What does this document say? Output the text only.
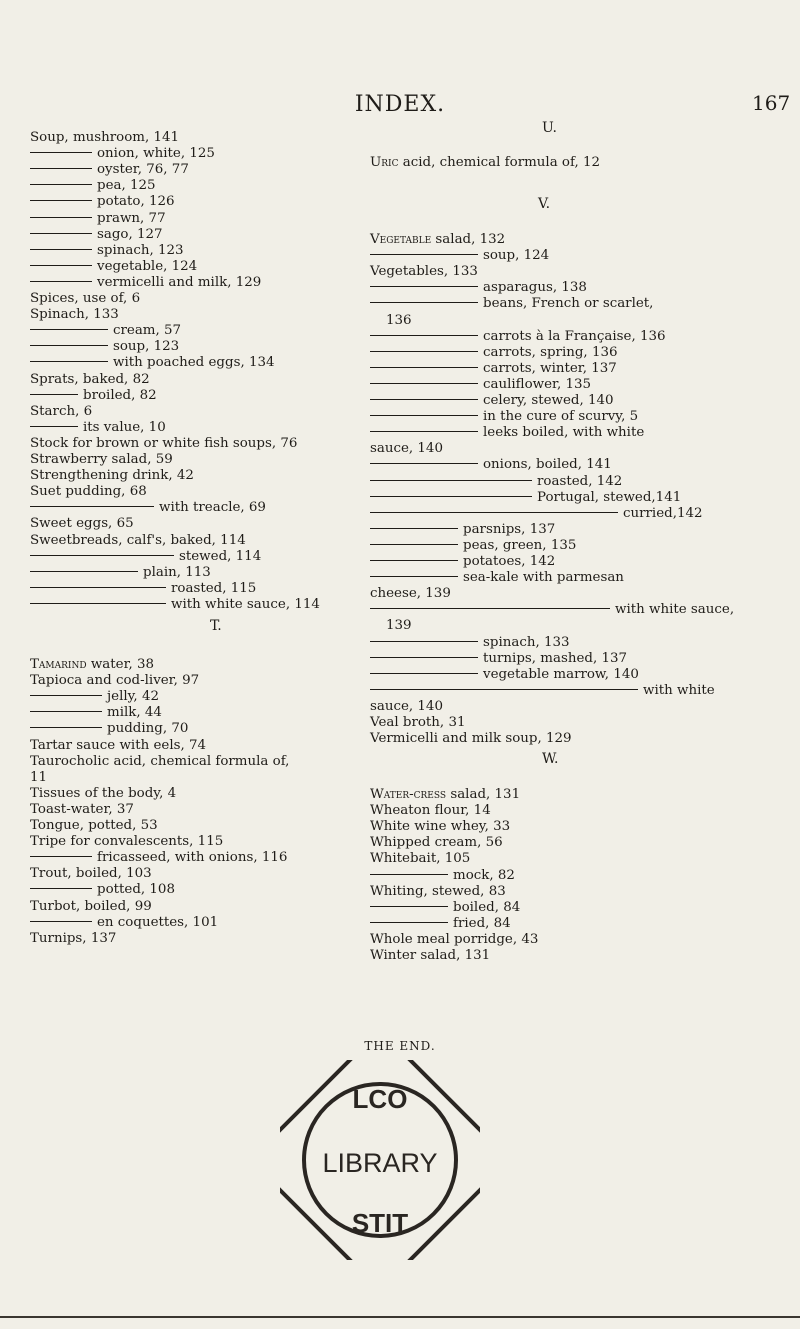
INDEX.	167
Soup, mushroom, 141
onion, white, 125
oyster, 76, 77
pea, 125
potato, 126
prawn, 77
sago, 127
spinach, 123
vegetable, 124
vermicelli and milk, 129
Spices, use of, 6
Spinach, 133
cream, 57
soup, 123
with poached eggs, 134
Sprats, baked, 82
broiled, 82
Starch, 6
its value, 10
Stock for brown or white fish soups, 76
Strawberry salad, 59
Strengthening drink, 42
Suet pudding, 68
with treacle, 69
Sweet eggs, 65
Sweetbreads, calf's, baked, 114
stewed, 114
plain, 113
roasted, 115
with white sauce, 114
Tamarind water, 38
Tapioca and cod-liver, 97
jelly, 42
milk, 44
pudding, 70
Tartar sauce with eels, 74
Taurocholic acid, chemical formula of,
11
Tissues of the body, 4
Toast-water, 37
Tongue, potted, 53
Tripe for convalescents, 115
fricasseed, with onions, 116
Trout, boiled, 103
potted, 108
Turbot, boiled, 99
en coquettes, 101
Turnips, 137
Uric acid, chemical formula of, 12
Vegetable salad, 132
soup, 124
Vegetables, 133
asparagus, 138
beans, French or scarlet,
136
carrots à la Française, 136
carrots, spring, 136
carrots, winter, 137
cauliflower, 135
celery, stewed, 140
in the cure of scurvy, 5
leeks boiled, with white
sauce, 140
onions, boiled, 141
roasted, 142
Portugal, stewed,141
curried,142
parsnips, 137
peas, green, 135
potatoes, 142
sea-kale with parmesan
cheese, 139
with white sauce,
139
spinach, 133
turnips, mashed, 137
vegetable marrow, 140
with white
sauce, 140
Veal broth, 31
Vermicelli and milk soup, 129
Water-cress salad, 131
Wheaton flour, 14
White wine whey, 33
Whipped cream, 56
Whitebait, 105
mock, 82
Whiting, stewed, 83
boiled, 84
fried, 84
Whole meal porridge, 43
Winter salad, 131
T.
U.
V.
W.
THE END.
LIBRARY
LCO
STIT
